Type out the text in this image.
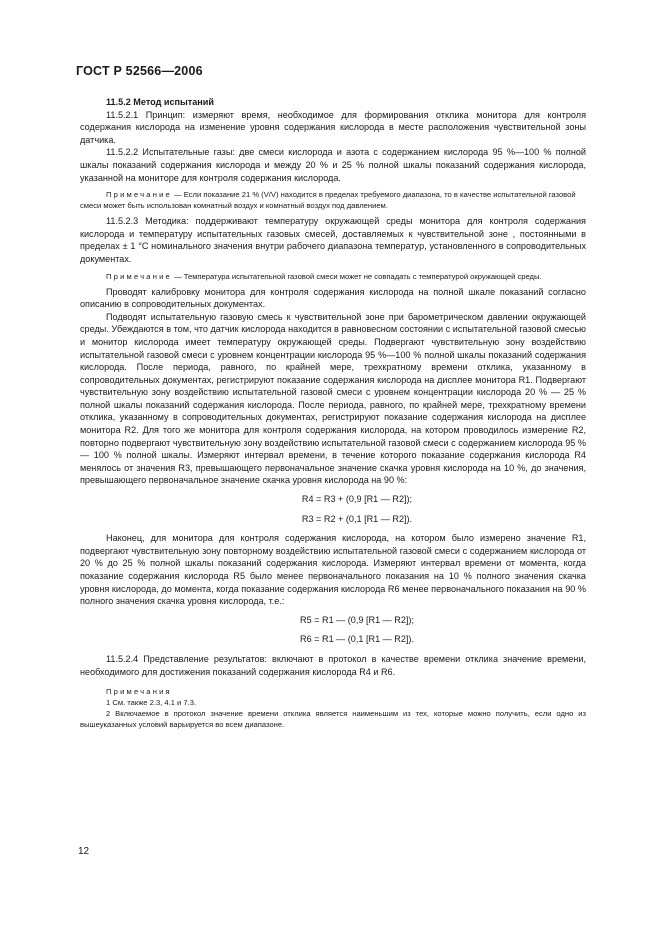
ГОСТ Р 52566—2006

11.5.2 Метод испытаний

11.5.2.1 Принцип: измеряют время, необходимое для формирования отклика монитора для контроля содержания кислорода на изменение уровня содержания кислорода в месте расположения чувствительной зоны датчика.

11.5.2.2 Испытательные газы: две смеси кислорода и азота с содержанием кислорода 95 %—100 % полной шкалы показаний содержания кислорода и между 20 % и 25 % полной шкалы показаний содержания кислорода, указанной на мониторе для контроля содержания кислорода.

Примечание — Если показание 21 % (V/V) находится в пределах требуемого диапазона, то в качестве испытательной газовой смеси может быть использован комнатный воздух и комнатный воздух под давлением.

11.5.2.3 Методика: поддерживают температуру окружающей среды монитора для контроля содержания кислорода и температуру испытательных газовых смесей, доставляемых к чувствительной зоне , постоянными в пределах ± 1 °С номинального значения внутри рабочего диапазона температур, установленного в сопроводительных документах.

Примечание — Температура испытательной газовой смеси может не совпадать с температурой окружающей среды.

Проводят калибровку монитора для контроля содержания кислорода на полной шкале показаний согласно описанию в сопроводительных документах.

Подводят испытательную газовую смесь к чувствительной зоне при барометрическом давлении окружающей среды. Убеждаются в том, что датчик кислорода находится в равновесном состоянии с испытательной газовой смесью и монитор кислорода имеет температуру окружающей среды. Подвергают чувствительную зону воздействию испытательной газовой смеси с уровнем концентрации кислорода 95 %—100 % полной шкалы показаний содержания кислорода. После периода, равного, по крайней мере, трехкратному времени отклика, указанному в сопроводительных документах, регистрируют показание содержания кислорода на дисплее монитора R1. Подвергают чувствительную зону воздействию испытательной газовой смеси с уровнем концентрации кислорода 20 % — 25 % полной шкалы показаний содержания кислорода. После периода, равного, по крайней мере, трехкратному времени отклика, указанному в сопроводительных документах, регистрируют показание содержания кислорода на дисплее монитора R2. Для того же монитора для контроля содержания кислорода, на котором проводилось измерение R2, повторно подвергают чувствительную зону воздействию испытательной газовой смеси с содержанием кислорода 95 % — 100 % полной шкалы. Измеряют интервал времени, в течение которого показание содержания кислорода R4 менялось от значения R3, превышающего первоначальное значение скачка уровня кислорода на 10 %, до значения, превышающего первоначальное значение скачка уровня кислорода на 90 %:

R4 = R3 + (0,9 [R1 — R2]);

R3 = R2 + (0,1 [R1 — R2]).

Наконец, для монитора для контроля содержания кислорода, на котором было измерено значение R1, подвергают чувствительную зону повторному воздействию испытательной газовой смеси с содержанием кислорода от 20 % до 25 % полной шкалы показаний содержания кислорода. Измеряют интервал времени от момента, когда показание содержания кислорода R5 было менее первоначального показания на 10 % полного значения скачка уровня кислорода, до момента, когда показание содержания кислорода R6 менее первоначального показания на 90 % полного значения скачка уровня кислорода, т.е.:

R5 = R1 — (0,9 [R1 — R2]);

R6 = R1 — (0,1 [R1 — R2]).

11.5.2.4 Представление результатов: включают в протокол в качестве времени отклика значение времени, необходимого для достижения показаний содержания кислорода R4 и R6.

Примечания
1 См. также 2.3, 4.1 и 7.3.
2 Включаемое в протокол значение времени отклика является наименьшим из тех, которые можно получить, если одно из вышеуказанных условий варьируется во всем диапазоне.
12
